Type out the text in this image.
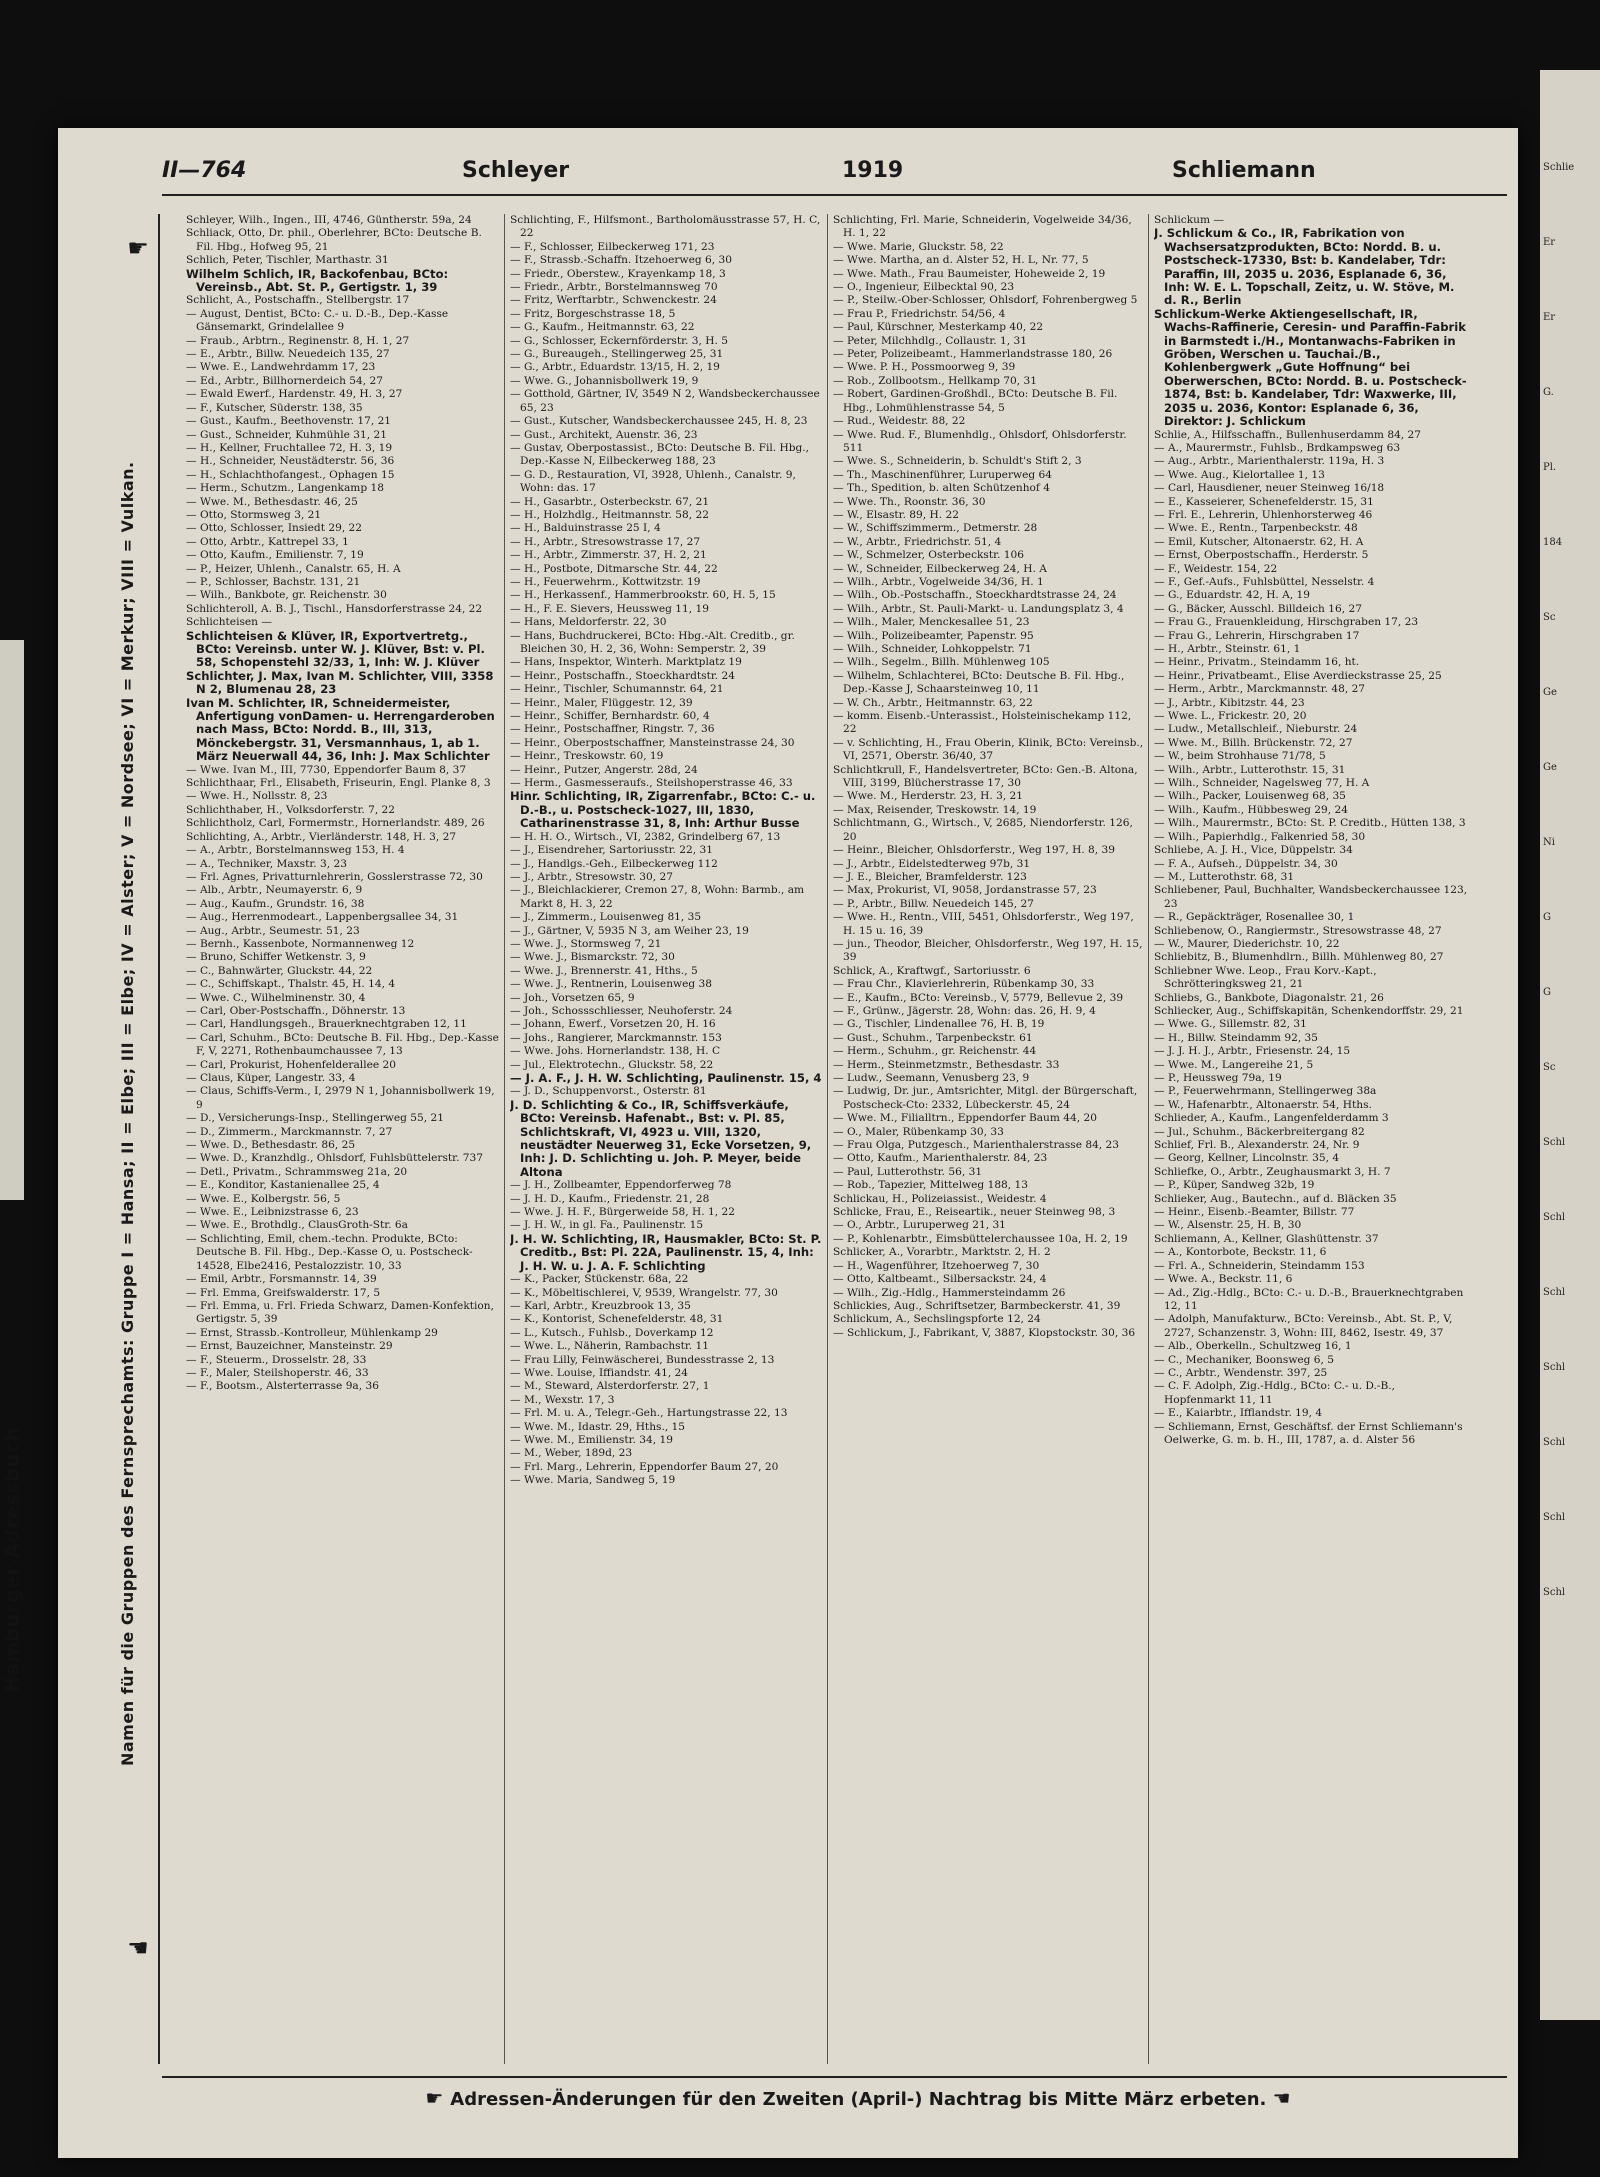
Hamburger Adressbuch
Schlie
Er
Er
G.
Pl.
184
Sc
Ge
Ge
Ni
G
G
Sc
Schl
Schl
Schl
Schl
Schl
Schl
Schl
II—764	Schleyer	1919	Schliemann
☛
Namen für die Gruppen des Fernsprechamts: Gruppe I = Hansa; II = Elbe; III = Elbe; IV = Alster; V = Nordsee; VI = Merkur; VIII = Vulkan.
☚

Schleyer, Wilh., Ingen., III, 4746, Güntherstr. 59a, 24

Schliack, Otto, Dr. phil., Oberlehrer, BCto: Deutsche B. Fil. Hbg., Hofweg 95, 21

Schlich, Peter, Tischler, Marthastr. 31

Wilhelm Schlich, IR, Backofenbau, BCto: Vereinsb., Abt. St. P., Gertigstr. 1, 39

Schlicht, A., Postschaffn., Stellbergstr. 17

— August, Dentist, BCto: C.- u. D.-B., Dep.-Kasse Gänsemarkt, Grindelallee 9

— Fraub., Arbtrn., Reginenstr. 8, H. 1, 27

— E., Arbtr., Billw. Neuedeich 135, 27

— Wwe. E., Landwehrdamm 17, 23

— Ed., Arbtr., Billhornerdeich 54, 27

— Ewald Ewerf., Hardenstr. 49, H. 3, 27

— F., Kutscher, Süderstr. 138, 35

— Gust., Kaufm., Beethovenstr. 17, 21

— Gust., Schneider, Kuhmühle 31, 21

— H., Kellner, Fruchtallee 72, H. 3, 19

— H., Schneider, Neustädterstr. 56, 36

— H., Schlachthofangest., Ophagen 15

— Herm., Schutzm., Langenkamp 18

— Wwe. M., Bethesdastr. 46, 25

— Otto, Stormsweg 3, 21

— Otto, Schlosser, Insiedt 29, 22

— Otto, Arbtr., Kattrepel 33, 1

— Otto, Kaufm., Emilienstr. 7, 19

— P., Heizer, Uhlenh., Canalstr. 65, H. A

— P., Schlosser, Bachstr. 131, 21

— Wilh., Bankbote, gr. Reichenstr. 30

Schlichteroll, A. B. J., Tischl., Hansdorferstrasse 24, 22

Schlichteisen —

Schlichteisen & Klüver, IR, Exportvertretg., BCto: Vereinsb. unter W. J. Klüver, Bst: v. Pl. 58, Schopenstehl 32/33, 1, Inh: W. J. Klüver

Schlichter, J. Max, Ivan M. Schlichter, VIII, 3358 N 2, Blumenau 28, 23

Ivan M. Schlichter, IR, Schneidermeister, Anfertigung vonDamen- u. Herrengarderoben nach Mass, BCto: Nordd. B., III, 313, Mönckebergstr. 31, Versmannhaus, 1, ab 1. März Neuerwall 44, 36, Inh: J. Max Schlichter

— Wwe. Ivan M., III, 7730, Eppendorfer Baum 8, 37

Schlichthaar, Frl., Elisabeth, Friseurin, Engl. Planke 8, 3

— Wwe. H., Nollsstr. 8, 23

Schlichthaber, H., Volksdorferstr. 7, 22

Schlichtholz, Carl, Formermstr., Hornerlandstr. 489, 26

Schlichting, A., Arbtr., Vierländerstr. 148, H. 3, 27

— A., Arbtr., Borstelmannsweg 153, H. 4

— A., Techniker, Maxstr. 3, 23

— Frl. Agnes, Privatturnlehrerin, Gosslerstrasse 72, 30

— Alb., Arbtr., Neumayerstr. 6, 9

— Aug., Kaufm., Grundstr. 16, 38

— Aug., Herrenmodeart., Lappenbergsallee 34, 31

— Aug., Arbtr., Seumestr. 51, 23

— Bernh., Kassenbote, Normannenweg 12

— Bruno, Schiffer Wetkenstr. 3, 9

— C., Bahnwärter, Gluckstr. 44, 22

— C., Schiffskapt., Thalstr. 45, H. 14, 4

— Wwe. C., Wilhelminenstr. 30, 4

— Carl, Ober-Postschaffn., Döhnerstr. 13

— Carl, Handlungsgeh., Brauerknechtgraben 12, 11

— Carl, Schuhm., BCto: Deutsche B. Fil. Hbg., Dep.-Kasse F, V, 2271, Rothenbaumchaussee 7, 13

— Carl, Prokurist, Hohenfelderallee 20

— Claus, Küper, Langestr. 33, 4

— Claus, Schiffs-Verm., I, 2979 N 1, Johannisbollwerk 19, 9

— D., Versicherungs-Insp., Stellingerweg 55, 21

— D., Zimmerm., Marckmannstr. 7, 27

— Wwe. D., Bethesdastr. 86, 25

— Wwe. D., Kranzhdlg., Ohlsdorf, Fuhlsbüttelerstr. 737

— Detl., Privatm., Schrammsweg 21a, 20

— E., Konditor, Kastanienallee 25, 4

— Wwe. E., Kolbergstr. 56, 5

— Wwe. E., Leibnizstrasse 6, 23

— Wwe. E., Brothdlg., ClausGroth-Str. 6a

— Schlichting, Emil, chem.-techn. Produkte, BCto: Deutsche B. Fil. Hbg., Dep.-Kasse O, u. Postscheck-14528, Elbe2416, Pestalozzistr. 10, 33

— Emil, Arbtr., Forsmannstr. 14, 39

— Frl. Emma, Greifswalderstr. 17, 5

— Frl. Emma, u. Frl. Frieda Schwarz, Damen-Konfektion, Gertigstr. 5, 39

— Ernst, Strassb.-Kontrolleur, Mühlenkamp 29

— Ernst, Bauzeichner, Mansteinstr. 29

— F., Steuerm., Drosselstr. 28, 33

— F., Maler, Steilshoperstr. 46, 33

— F., Bootsm., Alsterterrasse 9a, 36

Schlichting, F., Hilfsmont., Bartholomäusstrasse 57, H. C, 22

— F., Schlosser, Eilbeckerweg 171, 23

— F., Strassb.-Schaffn. Itzehoerweg 6, 30

— Friedr., Oberstew., Krayenkamp 18, 3

— Friedr., Arbtr., Borstelmannsweg 70

— Fritz, Werftarbtr., Schwenckestr. 24

— Fritz, Borgeschstrasse 18, 5

— G., Kaufm., Heitmannstr. 63, 22

— G., Schlosser, Eckernförderstr. 3, H. 5

— G., Bureaugeh., Stellingerweg 25, 31

— G., Arbtr., Eduardstr. 13/15, H. 2, 19

— Wwe. G., Johannisbollwerk 19, 9

— Gotthold, Gärtner, IV, 3549 N 2, Wandsbeckerchaussee 65, 23

— Gust., Kutscher, Wandsbeckerchaussee 245, H. 8, 23

— Gust., Architekt, Auenstr. 36, 23

— Gustav, Oberpostassist., BCto: Deutsche B. Fil. Hbg., Dep.-Kasse N, Eilbeckerweg 188, 23

— G. D., Restauration, VI, 3928, Uhlenh., Canalstr. 9, Wohn: das. 17

— H., Gasarbtr., Osterbeckstr. 67, 21

— H., Holzhdlg., Heitmannstr. 58, 22

— H., Balduinstrasse 25 I, 4

— H., Arbtr., Stresowstrasse 17, 27

— H., Arbtr., Zimmerstr. 37, H. 2, 21

— H., Postbote, Ditmarsche Str. 44, 22

— H., Feuerwehrm., Kottwitzstr. 19

— H., Herkassenf., Hammerbrookstr. 60, H. 5, 15

— H., F. E. Sievers, Heussweg 11, 19

— Hans, Meldorferstr. 22, 30

— Hans, Buchdruckerei, BCto: Hbg.-Alt. Creditb., gr. Bleichen 30, H. 2, 36, Wohn: Semperstr. 2, 39

— Hans, Inspektor, Winterh. Marktplatz 19

— Heinr., Postschaffn., Stoeckhardtstr. 24

— Heinr., Tischler, Schumannstr. 64, 21

— Heinr., Maler, Flüggestr. 12, 39

— Heinr., Schiffer, Bernhardstr. 60, 4

— Heinr., Postschaffner, Ringstr. 7, 36

— Heinr., Oberpostschaffner, Mansteinstrasse 24, 30

— Heinr., Treskowstr. 60, 19

— Heinr., Putzer, Angerstr. 28d, 24

— Herm., Gasmesseraufs., Steilshoperstrasse 46, 33

Hinr. Schlichting, IR, Zigarrenfabr., BCto: C.- u. D.-B., u. Postscheck-1027, III, 1830, Catharinenstrasse 31, 8, Inh: Arthur Busse

— H. H. O., Wirtsch., VI, 2382, Grindelberg 67, 13

— J., Eisendreher, Sartoriusstr. 22, 31

— J., Handlgs.-Geh., Eilbeckerweg 112

— J., Arbtr., Stresowstr. 30, 27

— J., Bleichlackierer, Cremon 27, 8, Wohn: Barmb., am Markt 8, H. 3, 22

— J., Zimmerm., Louisenweg 81, 35

— J., Gärtner, V, 5935 N 3, am Weiher 23, 19

— Wwe. J., Stormsweg 7, 21

— Wwe. J., Bismarckstr. 72, 30

— Wwe. J., Brennerstr. 41, Hths., 5

— Wwe. J., Rentnerin, Louisenweg 38

— Joh., Vorsetzen 65, 9

— Joh., Schossschliesser, Neuhoferstr. 24

— Johann, Ewerf., Vorsetzen 20, H. 16

— Johs., Rangierer, Marckmannstr. 153

— Wwe. Johs. Hornerlandstr. 138, H. C

— Jul., Elektrotechn., Gluckstr. 58, 22

— J. A. F., J. H. W. Schlichting, Paulinenstr. 15, 4

— J. D., Schuppenvorst., Osterstr. 81

J. D. Schlichting & Co., IR, Schiffsverkäufe, BCto: Vereinsb. Hafenabt., Bst: v. Pl. 85, Schlichtskraft, VI, 4923 u. VIII, 1320, neustädter Neuerweg 31, Ecke Vorsetzen, 9, Inh: J. D. Schlichting u. Joh. P. Meyer, beide Altona

— J. H., Zollbeamter, Eppendorferweg 78

— J. H. D., Kaufm., Friedenstr. 21, 28

— Wwe. J. H. F., Bürgerweide 58, H. 1, 22

— J. H. W., in gl. Fa., Paulinenstr. 15

J. H. W. Schlichting, IR, Hausmakler, BCto: St. P. Creditb., Bst: Pl. 22A, Paulinenstr. 15, 4, Inh: J. H. W. u. J. A. F. Schlichting

— K., Packer, Stückenstr. 68a, 22

— K., Möbeltischlerei, V, 9539, Wrangelstr. 77, 30

— Karl, Arbtr., Kreuzbrook 13, 35

— K., Kontorist, Schenefelderstr. 48, 31

— L., Kutsch., Fuhlsb., Doverkamp 12

— Wwe. L., Näherin, Rambachstr. 11

— Frau Lilly, Feinwäscherei, Bundesstrasse 2, 13

— Wwe. Louise, Iffiandstr. 41, 24

— M., Steward, Alsterdorferstr. 27, 1

— M., Wexstr. 17, 3

— Frl. M. u. A., Telegr.-Geh., Hartungstrasse 22, 13

— Wwe. M., Idastr. 29, Hths., 15

— Wwe. M., Emilienstr. 34, 19

— M., Weber, 189d, 23

— Frl. Marg., Lehrerin, Eppendorfer Baum 27, 20

— Wwe. Maria, Sandweg 5, 19

Schlichting, Frl. Marie, Schneiderin, Vogelweide 34/36, H. 1, 22

— Wwe. Marie, Gluckstr. 58, 22

— Wwe. Martha, an d. Alster 52, H. L, Nr. 77, 5

— Wwe. Math., Frau Baumeister, Hoheweide 2, 19

— O., Ingenieur, Eilbecktal 90, 23

— P., Steilw.-Ober-Schlosser, Ohlsdorf, Fohrenbergweg 5

— Frau P., Friedrichstr. 54/56, 4

— Paul, Kürschner, Mesterkamp 40, 22

— Peter, Milchhdlg., Collaustr. 1, 31

— Peter, Polizeibeamt., Hammerlandstrasse 180, 26

— Wwe. P. H., Possmoorweg 9, 39

— Rob., Zollbootsm., Hellkamp 70, 31

— Robert, Gardinen-Großhdl., BCto: Deutsche B. Fil. Hbg., Lohmühlenstrasse 54, 5

— Rud., Weidestr. 88, 22

— Wwe. Rud. F., Blumenhdlg., Ohlsdorf, Ohlsdorferstr. 511

— Wwe. S., Schneiderin, b. Schuldt's Stift 2, 3

— Th., Maschinenführer, Luruperweg 64

— Th., Spedition, b. alten Schützenhof 4

— Wwe. Th., Roonstr. 36, 30

— W., Elsastr. 89, H. 22

— W., Schiffszimmerm., Detmerstr. 28

— W., Arbtr., Friedrichstr. 51, 4

— W., Schmelzer, Osterbeckstr. 106

— W., Schneider, Eilbeckerweg 24, H. A

— Wilh., Arbtr., Vogelweide 34/36, H. 1

— Wilh., Ob.-Postschaffn., Stoeckhardtstrasse 24, 24

— Wilh., Arbtr., St. Pauli-Markt- u. Landungsplatz 3, 4

— Wilh., Maler, Menckesallee 51, 23

— Wilh., Polizeibeamter, Papenstr. 95

— Wilh., Schneider, Lohkoppelstr. 71

— Wilh., Segelm., Billh. Mühlenweg 105

— Wilhelm, Schlachterei, BCto: Deutsche B. Fil. Hbg., Dep.-Kasse J, Schaarsteinweg 10, 11

— W. Ch., Arbtr., Heitmannstr. 63, 22

— komm. Eisenb.-Unterassist., Holsteinischekamp 112, 22

— v. Schlichting, H., Frau Oberin, Klinik, BCto: Vereinsb., VI, 2571, Oberstr. 36/40, 37

Schlichtkrull, F., Handelsvertreter, BCto: Gen.-B. Altona, VIII, 3199, Blücherstrasse 17, 30

— Wwe. M., Herderstr. 23, H. 3, 21

— Max, Reisender, Treskowstr. 14, 19

Schlichtmann, G., Wirtsch., V, 2685, Niendorferstr. 126, 20

— Heinr., Bleicher, Ohlsdorferstr., Weg 197, H. 8, 39

— J., Arbtr., Eidelstedterweg 97b, 31

— J. E., Bleicher, Bramfelderstr. 123

— Max, Prokurist, VI, 9058, Jordanstrasse 57, 23

— P., Arbtr., Billw. Neuedeich 145, 27

— Wwe. H., Rentn., VIII, 5451, Ohlsdorferstr., Weg 197, H. 15 u. 16, 39

— jun., Theodor, Bleicher, Ohlsdorferstr., Weg 197, H. 15, 39

Schlick, A., Kraftwgf., Sartoriusstr. 6

— Frau Chr., Klavierlehrerin, Rübenkamp 30, 33

— E., Kaufm., BCto: Vereinsb., V, 5779, Bellevue 2, 39

— F., Grünw., Jägerstr. 28, Wohn: das. 26, H. 9, 4

— G., Tischler, Lindenallee 76, H. B, 19

— Gust., Schuhm., Tarpenbeckstr. 61

— Herm., Schuhm., gr. Reichenstr. 44

— Herm., Steinmetzmstr., Bethesdastr. 33

— Ludw., Seemann, Venusberg 23, 9

— Ludwig, Dr. jur., Amtsrichter, Mitgl. der Bürgerschaft, Postscheck-Cto: 2332, Lübeckerstr. 45, 24

— Wwe. M., Filialltrn., Eppendorfer Baum 44, 20

— O., Maler, Rübenkamp 30, 33

— Frau Olga, Putzgesch., Marienthalerstrasse 84, 23

— Otto, Kaufm., Marienthalerstr. 84, 23

— Paul, Lutterothstr. 56, 31

— Rob., Tapezier, Mittelweg 188, 13

Schlickau, H., Polizeiassist., Weidestr. 4

Schlicke, Frau, E., Reiseartik., neuer Steinweg 98, 3

— O., Arbtr., Luruperweg 21, 31

— P., Kohlenarbtr., Eimsbüttelerchaussee 10a, H. 2, 19

Schlicker, A., Vorarbtr., Marktstr. 2, H. 2

— H., Wagenführer, Itzehoerweg 7, 30

— Otto, Kaltbeamt., Silbersackstr. 24, 4

— Wilh., Zig.-Hdlg., Hammersteindamm 26

Schlickies, Aug., Schriftsetzer, Barmbeckerstr. 41, 39

Schlickum, A., Sechslingspforte 12, 24

— Schlickum, J., Fabrikant, V, 3887, Klopstockstr. 30, 36

Schlickum —

J. Schlickum & Co., IR, Fabrikation von Wachsersatzprodukten, BCto: Nordd. B. u. Postscheck-17330, Bst: b. Kandelaber, Tdr: Paraffin, III, 2035 u. 2036, Esplanade 6, 36, Inh: W. E. L. Topschall, Zeitz, u. W. Stöve, M. d. R., Berlin

Schlickum-Werke Aktiengesellschaft, IR, Wachs-Raffinerie, Ceresin- und Paraffin-Fabrik in Barmstedt i./H., Montanwachs-Fabriken in Gröben, Werschen u. Tauchai./B., Kohlenbergwerk „Gute Hoffnung“ bei Oberwerschen, BCto: Nordd. B. u. Postscheck-1874, Bst: b. Kandelaber, Tdr: Waxwerke, III, 2035 u. 2036, Kontor: Esplanade 6, 36, Direktor: J. Schlickum

Schlie, A., Hilfsschaffn., Bullenhuserdamm 84, 27

— A., Maurermstr., Fuhlsb., Brdkampsweg 63

— Aug., Arbtr., Marienthalerstr. 119a, H. 3

— Wwe. Aug., Kielortallee 1, 13

— Carl, Hausdiener, neuer Steinweg 16/18

— E., Kasseierer, Schenefelderstr. 15, 31

— Frl. E., Lehrerin, Uhlenhorsterweg 46

— Wwe. E., Rentn., Tarpenbeckstr. 48

— Emil, Kutscher, Altonaerstr. 62, H. A

— Ernst, Oberpostschaffn., Herderstr. 5

— F., Weidestr. 154, 22

— F., Gef.-Aufs., Fuhlsbüttel, Nesselstr. 4

— G., Eduardstr. 42, H. A, 19

— G., Bäcker, Ausschl. Billdeich 16, 27

— Frau G., Frauenkleidung, Hirschgraben 17, 23

— Frau G., Lehrerin, Hirschgraben 17

— H., Arbtr., Steinstr. 61, 1

— Heinr., Privatm., Steindamm 16, ht.

— Heinr., Privatbeamt., Elise Averdieckstrasse 25, 25

— Herm., Arbtr., Marckmannstr. 48, 27

— J., Arbtr., Kibitzstr. 44, 23

— Wwe. L., Frickestr. 20, 20

— Ludw., Metallschleif., Nieburstr. 24

— Wwe. M., Billh. Brückenstr. 72, 27

— W., beim Strohhause 71/78, 5

— Wilh., Arbtr., Lutterothstr. 15, 31

— Wilh., Schneider, Nagelsweg 77, H. A

— Wilh., Packer, Louisenweg 68, 35

— Wilh., Kaufm., Hübbesweg 29, 24

— Wilh., Maurermstr., BCto: St. P. Creditb., Hütten 138, 3

— Wilh., Papierhdlg., Falkenried 58, 30

Schliebe, A. J. H., Vice, Düppelstr. 34

— F. A., Aufseh., Düppelstr. 34, 30

— M., Lutterothstr. 68, 31

Schliebener, Paul, Buchhalter, Wandsbeckerchaussee 123, 23

— R., Gepäckträger, Rosenallee 30, 1

Schliebenow, O., Rangiermstr., Stresowstrasse 48, 27

— W., Maurer, Diederichstr. 10, 22

Schliebitz, B., Blumenhdlrn., Billh. Mühlenweg 80, 27

Schliebner Wwe. Leop., Frau Korv.-Kapt., Schrötteringksweg 21, 21

Schliebs, G., Bankbote, Diagonalstr. 21, 26

Schliecker, Aug., Schiffskapitän, Schenkendorffstr. 29, 21

— Wwe. G., Sillemstr. 82, 31

— H., Billw. Steindamm 92, 35

— J. J. H. J., Arbtr., Friesenstr. 24, 15

— Wwe. M., Langereihe 21, 5

— P., Heussweg 79a, 19

— P., Feuerwehrmann, Stellingerweg 38a

— W., Hafenarbtr., Altonaerstr. 54, Hths.

Schlieder, A., Kaufm., Langenfelderdamm 3

— Jul., Schuhm., Bäckerbreitergang 82

Schlief, Frl. B., Alexanderstr. 24, Nr. 9

— Georg, Kellner, Lincolnstr. 35, 4

Schliefke, O., Arbtr., Zeughausmarkt 3, H. 7

— P., Küper, Sandweg 32b, 19

Schlieker, Aug., Bautechn., auf d. Bläcken 35

— Heinr., Eisenb.-Beamter, Billstr. 77

— W., Alsenstr. 25, H. B, 30

Schliemann, A., Kellner, Glashüttenstr. 37

— A., Kontorbote, Beckstr. 11, 6

— Frl. A., Schneiderin, Steindamm 153

— Wwe. A., Beckstr. 11, 6

— Ad., Zig.-Hdlg., BCto: C.- u. D.-B., Brauerknechtgraben 12, 11

— Adolph, Manufakturw., BCto: Vereinsb., Abt. St. P., V, 2727, Schanzenstr. 3, Wohn: III, 8462, Isestr. 49, 37

— Alb., Oberkelln., Schultzweg 16, 1

— C., Mechaniker, Boonsweg 6, 5

— C., Arbtr., Wendenstr. 397, 25

— C. F. Adolph, Zig.-Hdlg., BCto: C.- u. D.-B., Hopfenmarkt 11, 11

— E., Kaiarbtr., Ifflandstr. 19, 4

— Schliemann, Ernst, Geschäftsf. der Ernst Schliemann's Oelwerke, G. m. b. H., III, 1787, a. d. Alster 56

☛ Adressen-Änderungen für den Zweiten (April-) Nachtrag bis Mitte März erbeten. ☚
